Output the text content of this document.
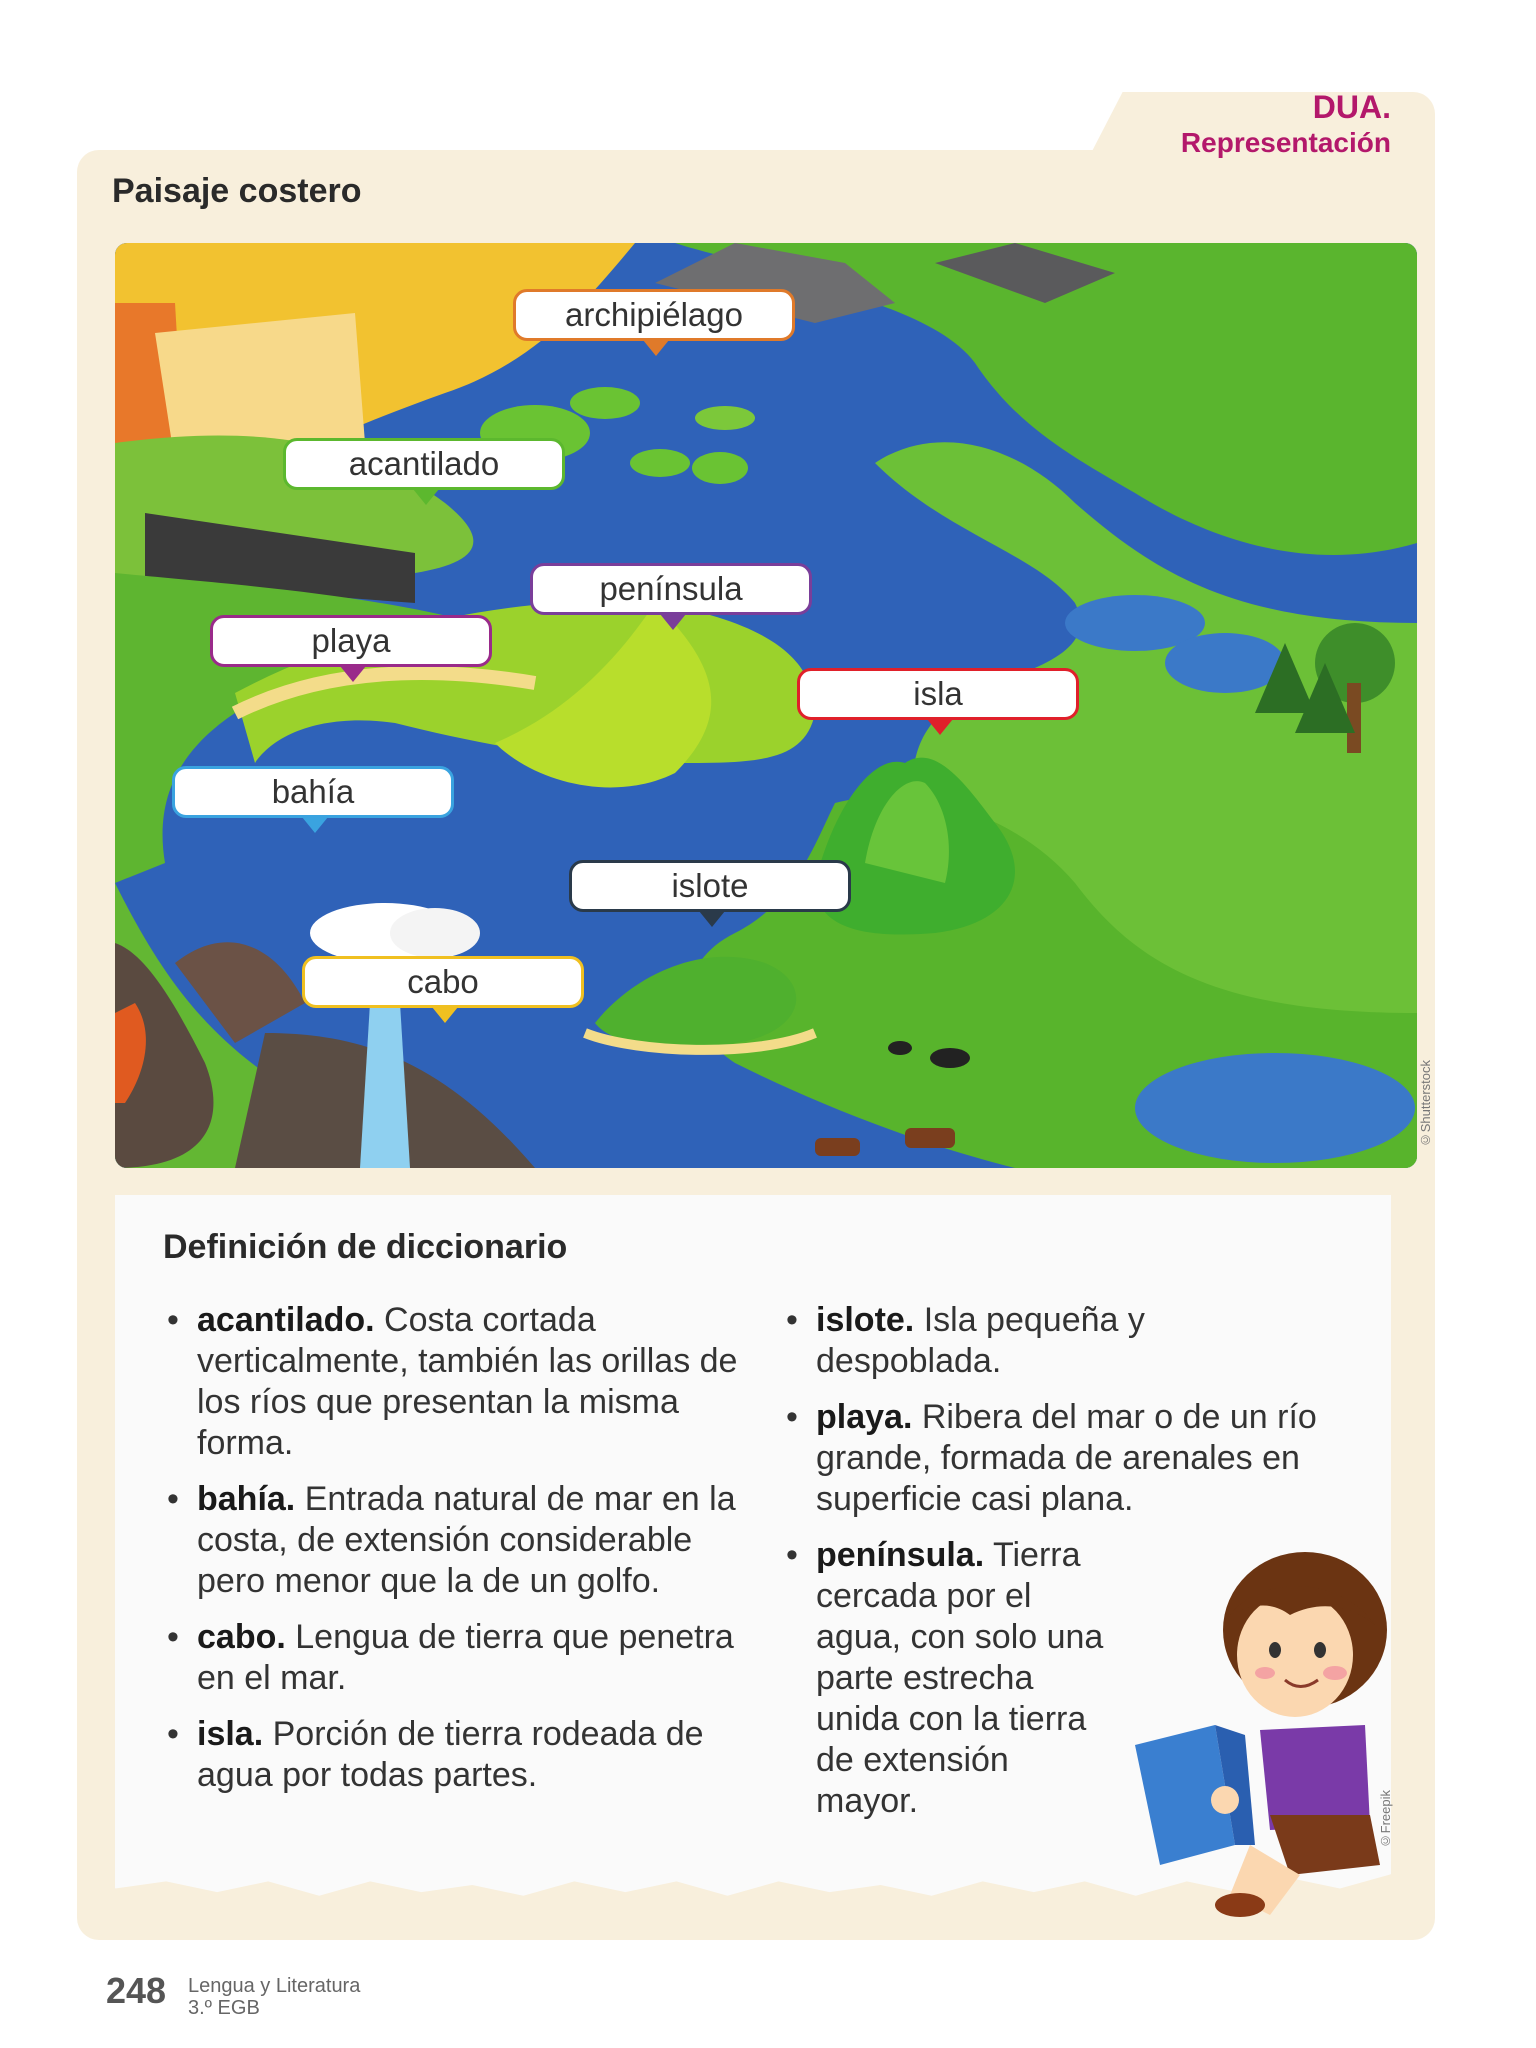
DUA.
Representación
Paisaje costero
archipiélago
acantilado
península
playa
isla
bahía
islote
cabo
©Shutterstock
Definición de diccionario
• acantilado. Costa cortada verticalmente, también las orillas de los ríos que presentan la misma forma.
• bahía. Entrada natural de mar en la costa, de extensión considerable pero menor que la de un golfo.
• cabo. Lengua de tierra que penetra en el mar.
• isla. Porción de tierra rodeada de agua por todas partes.
• islote. Isla pequeña y despoblada.
• playa. Ribera del mar o de un río grande, formada de arenales en superficie casi plana.
• península. Tierra cercada por el agua, con solo una parte estrecha unida con la tierra de extensión mayor.	©Freepik
248 Lengua y Literatura
3.º EGB
